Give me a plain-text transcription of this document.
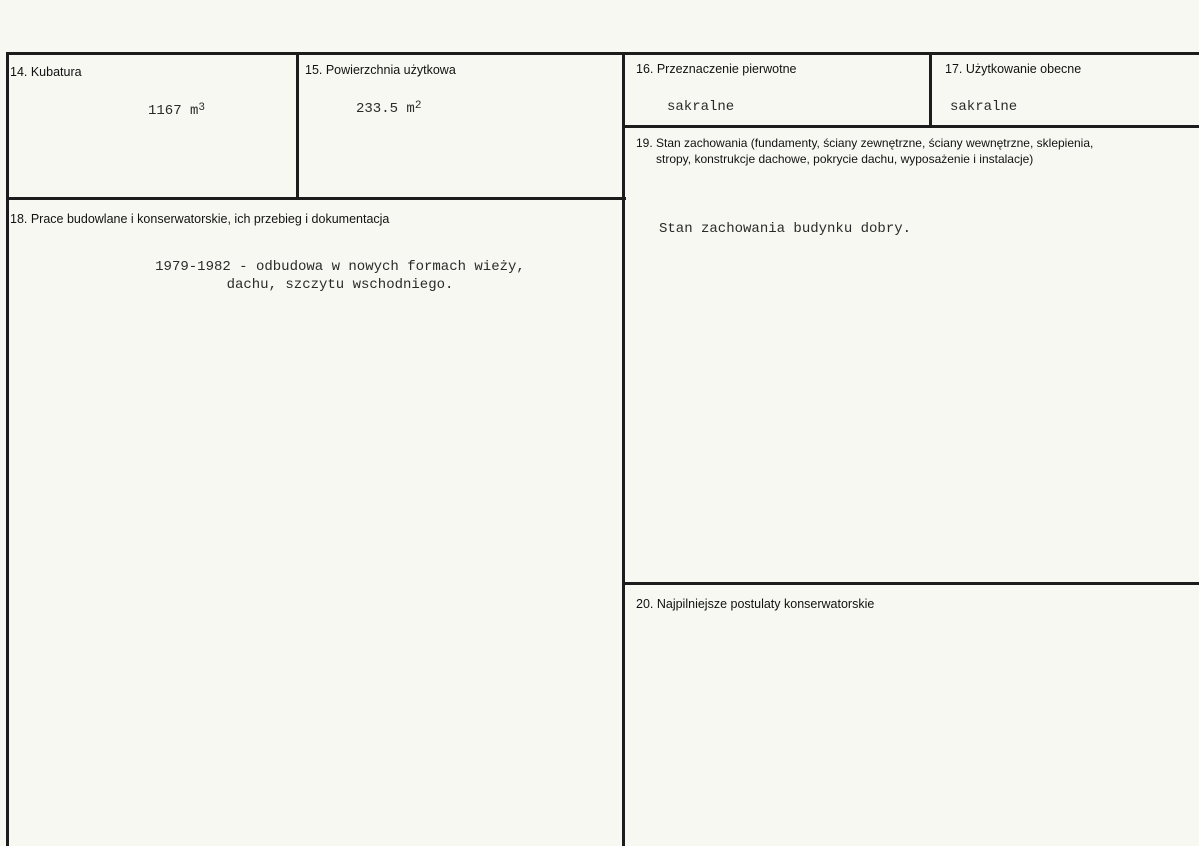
14. Kubatura
1167 $m^3$
15. Powierzchnia użytkowa
233.5 $m^2$
16. Przeznaczenie pierwotne
sakralne
17. Użytkowanie obecne
sakralne
18. Prace budowlane i konserwatorskie, ich przebieg i dokumentacja
1979-1982 - odbudowa w nowych formach wieży,
dachu, szczytu wschodniego.
19. Stan zachowania (fundamenty, ściany zewnętrzne, ściany wewnętrzne, sklepienia,
stropy, konstrukcje dachowe, pokrycie dachu, wyposażenie i instalacje)
Stan zachowania budynku dobry.
20. Najpilniejsze postulaty konserwatorskie
